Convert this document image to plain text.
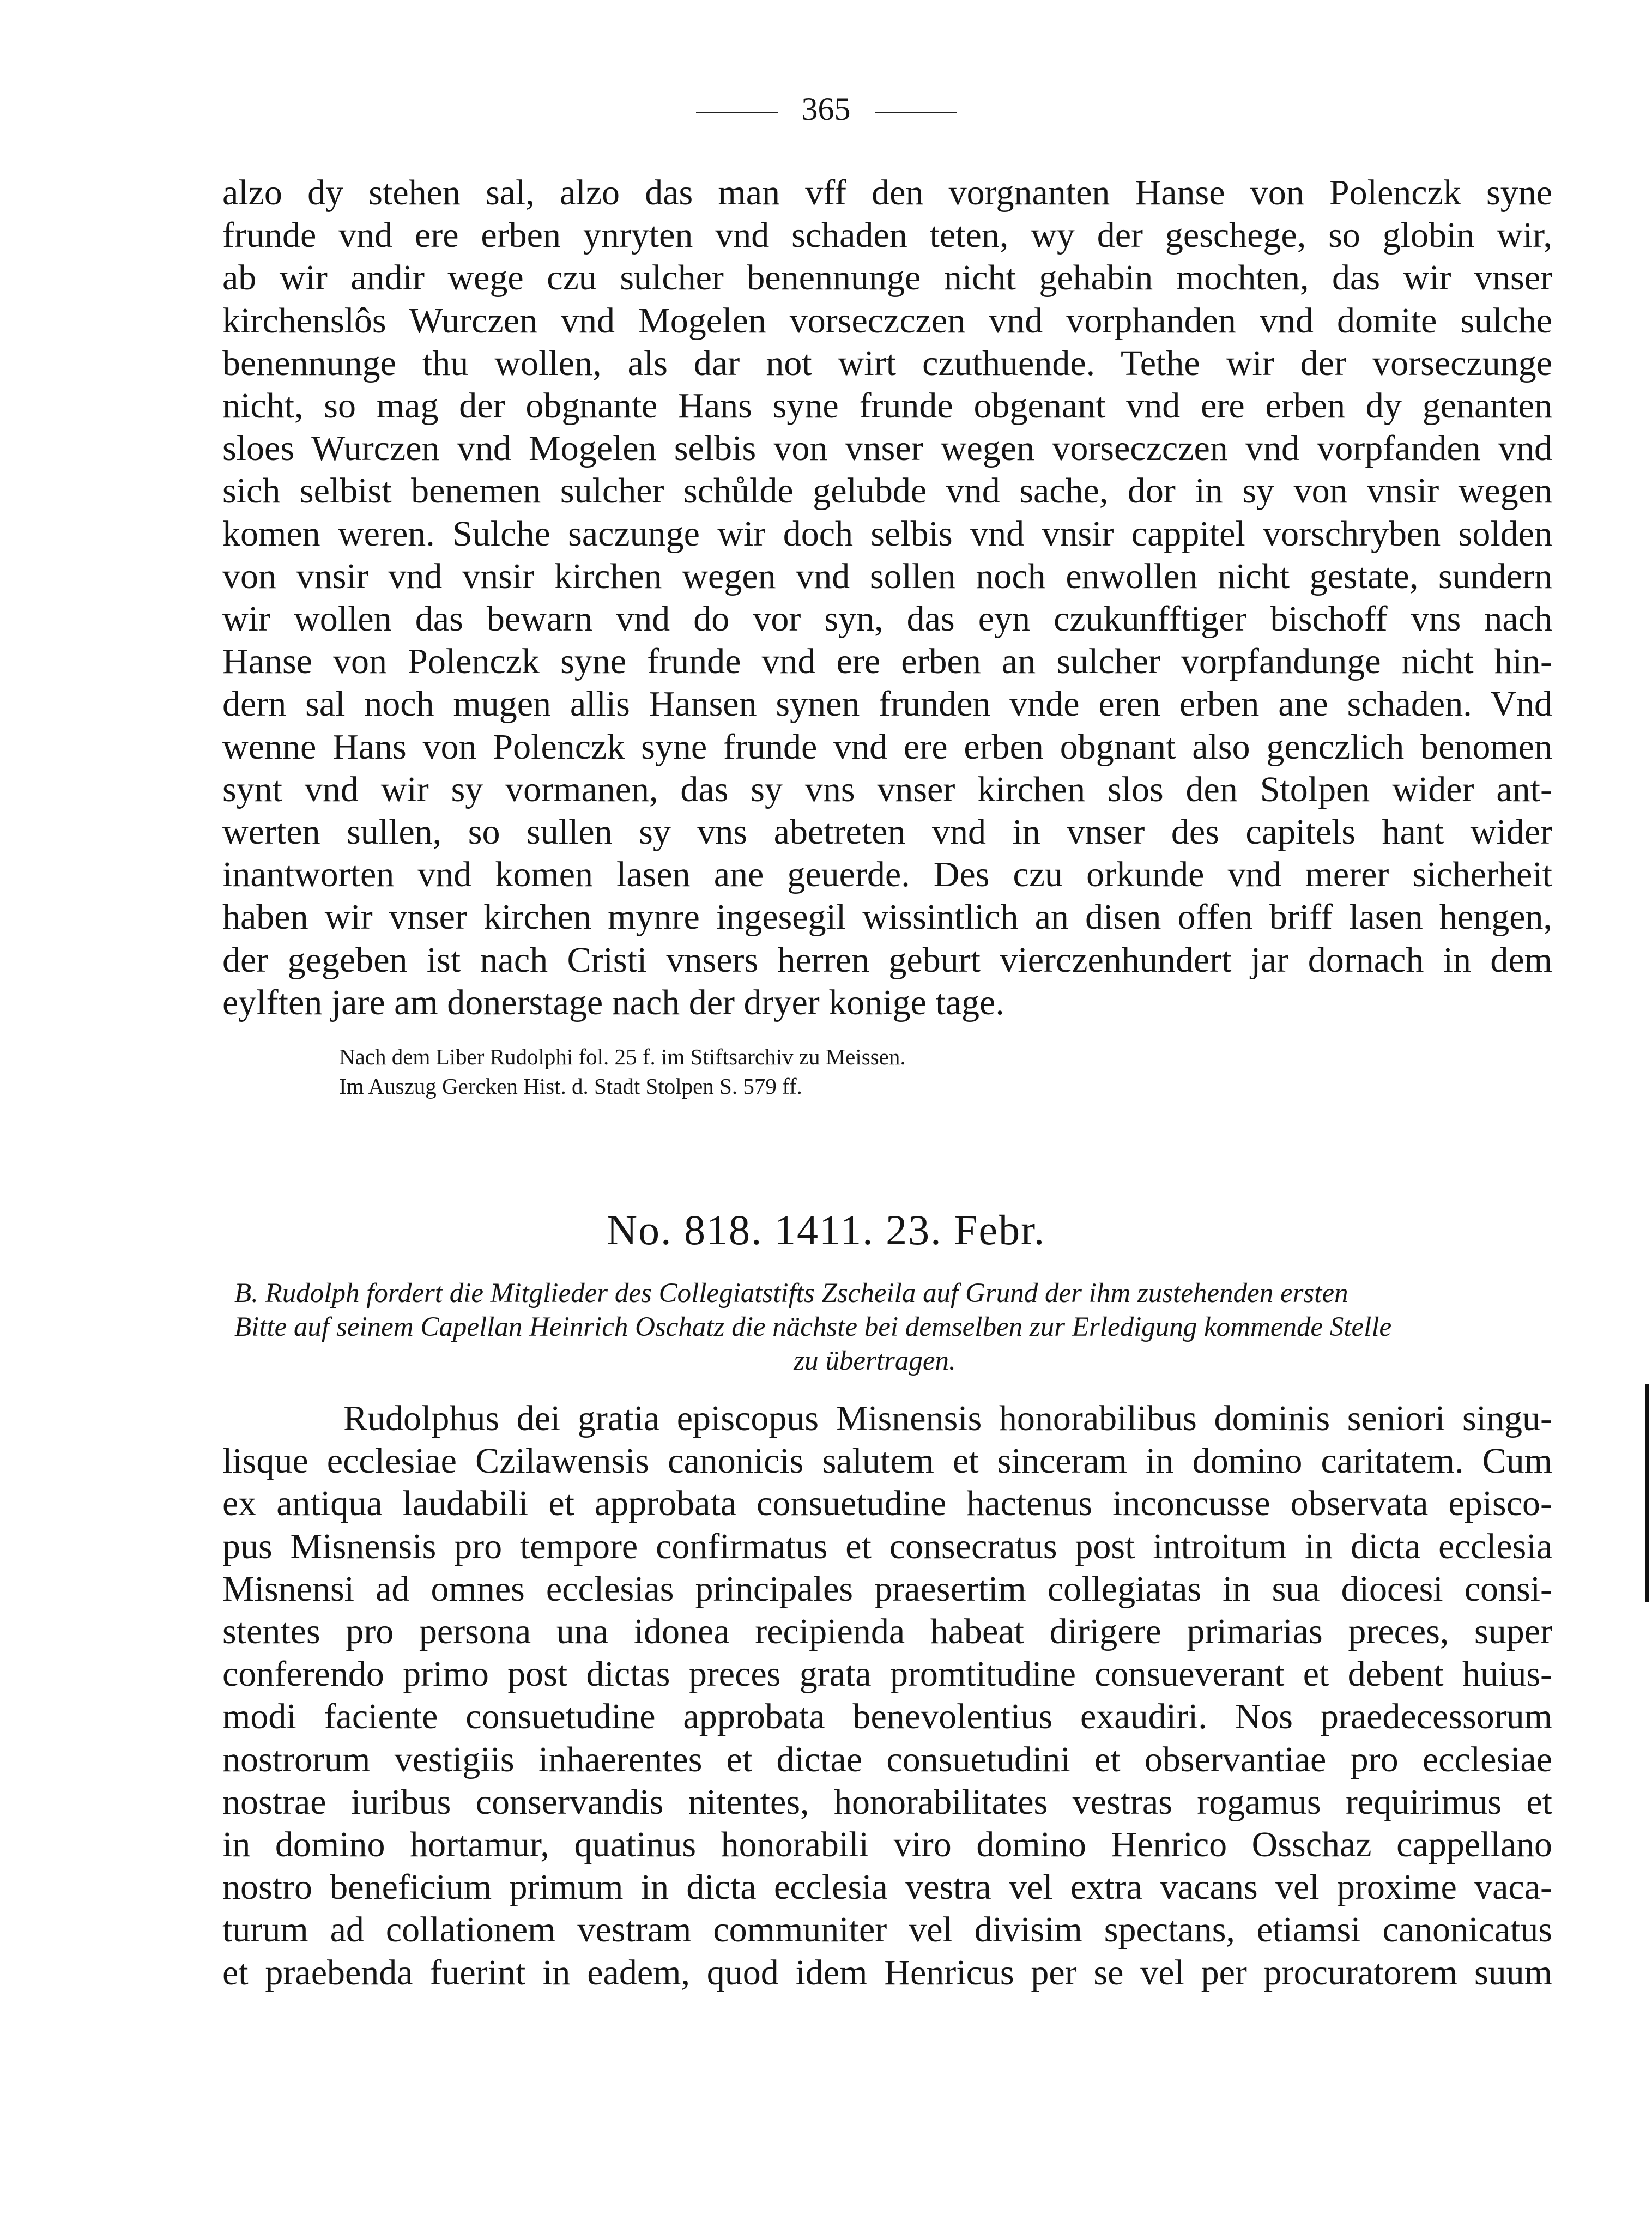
365
alzo dy stehen sal, alzo das man vff den vorgnanten Hanse von Polenczk syne
frunde vnd ere erben ynryten vnd schaden teten, wy der geschege, so globin wir,
ab wir andir wege czu sulcher benennunge nicht gehabin mochten, das wir vnser
kirchenslôs Wurczen vnd Mogelen vorseczczen vnd vorphanden vnd domite sulche
benennunge thu wollen, als dar not wirt czuthuende. Tethe wir der vorseczunge
nicht, so mag der obgnante Hans syne frunde obgenant vnd ere erben dy genanten
sloes Wurczen vnd Mogelen selbis von vnser wegen vorseczczen vnd vorpfanden vnd
sich selbist benemen sulcher schůlde gelubde vnd sache, dor in sy von vnsir wegen
komen weren. Sulche saczunge wir doch selbis vnd vnsir cappitel vorschryben solden
von vnsir vnd vnsir kirchen wegen vnd sollen noch enwollen nicht gestate, sundern
wir wollen das bewarn vnd do vor syn, das eyn czukunfftiger bischoff vns nach
Hanse von Polenczk syne frunde vnd ere erben an sulcher vorpfandunge nicht hin-
dern sal noch mugen allis Hansen synen frunden vnde eren erben ane schaden. Vnd
wenne Hans von Polenczk syne frunde vnd ere erben obgnant also genczlich benomen
synt vnd wir sy vormanen, das sy vns vnser kirchen slos den Stolpen wider ant-
werten sullen, so sullen sy vns abetreten vnd in vnser des capitels hant wider
inantworten vnd komen lasen ane geuerde. Des czu orkunde vnd merer sicherheit
haben wir vnser kirchen mynre ingesegil wissintlich an disen offen briff lasen hengen,
der gegeben ist nach Cristi vnsers herren geburt vierczenhundert jar dornach in dem
eylften jare am donerstage nach der dryer konige tage.
Nach dem Liber Rudolphi fol. 25 f. im Stiftsarchiv zu Meissen.
Im Auszug Gercken Hist. d. Stadt Stolpen S. 579 ff.
No. 818. 1411. 23. Febr.
B. Rudolph fordert die Mitglieder des Collegiatstifts Zscheila auf Grund der ihm zustehenden ersten
Bitte auf seinem Capellan Heinrich Oschatz die nächste bei demselben zur Erledigung kommende Stelle
zu übertragen.
Rudolphus dei gratia episcopus Misnensis honorabilibus dominis seniori singu-
lisque ecclesiae Czilawensis canonicis salutem et sinceram in domino caritatem. Cum
ex antiqua laudabili et approbata consuetudine hactenus inconcusse observata episco-
pus Misnensis pro tempore confirmatus et consecratus post introitum in dicta ecclesia
Misnensi ad omnes ecclesias principales praesertim collegiatas in sua diocesi consi-
stentes pro persona una idonea recipienda habeat dirigere primarias preces, super
conferendo primo post dictas preces grata promtitudine consueverant et debent huius-
modi faciente consuetudine approbata benevolentius exaudiri. Nos praedecessorum
nostrorum vestigiis inhaerentes et dictae consuetudini et observantiae pro ecclesiae
nostrae iuribus conservandis nitentes, honorabilitates vestras rogamus requirimus et
in domino hortamur, quatinus honorabili viro domino Henrico Osschaz cappellano
nostro beneficium primum in dicta ecclesia vestra vel extra vacans vel proxime vaca-
turum ad collationem vestram communiter vel divisim spectans, etiamsi canonicatus
et praebenda fuerint in eadem, quod idem Henricus per se vel per procuratorem suum
